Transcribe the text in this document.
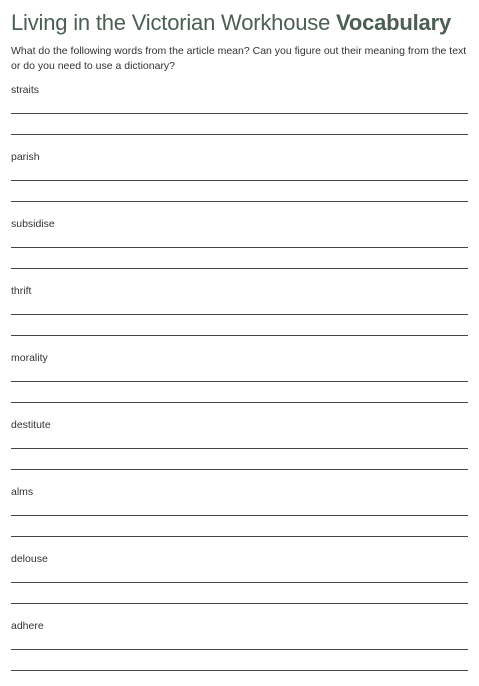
Living in the Victorian Workhouse Vocabulary

What do the following words from the article mean? Can you figure out their meaning from the text or do you need to use a dictionary?

straits
parish
subsidise
thrift
morality
destitute
alms
delouse
adhere
